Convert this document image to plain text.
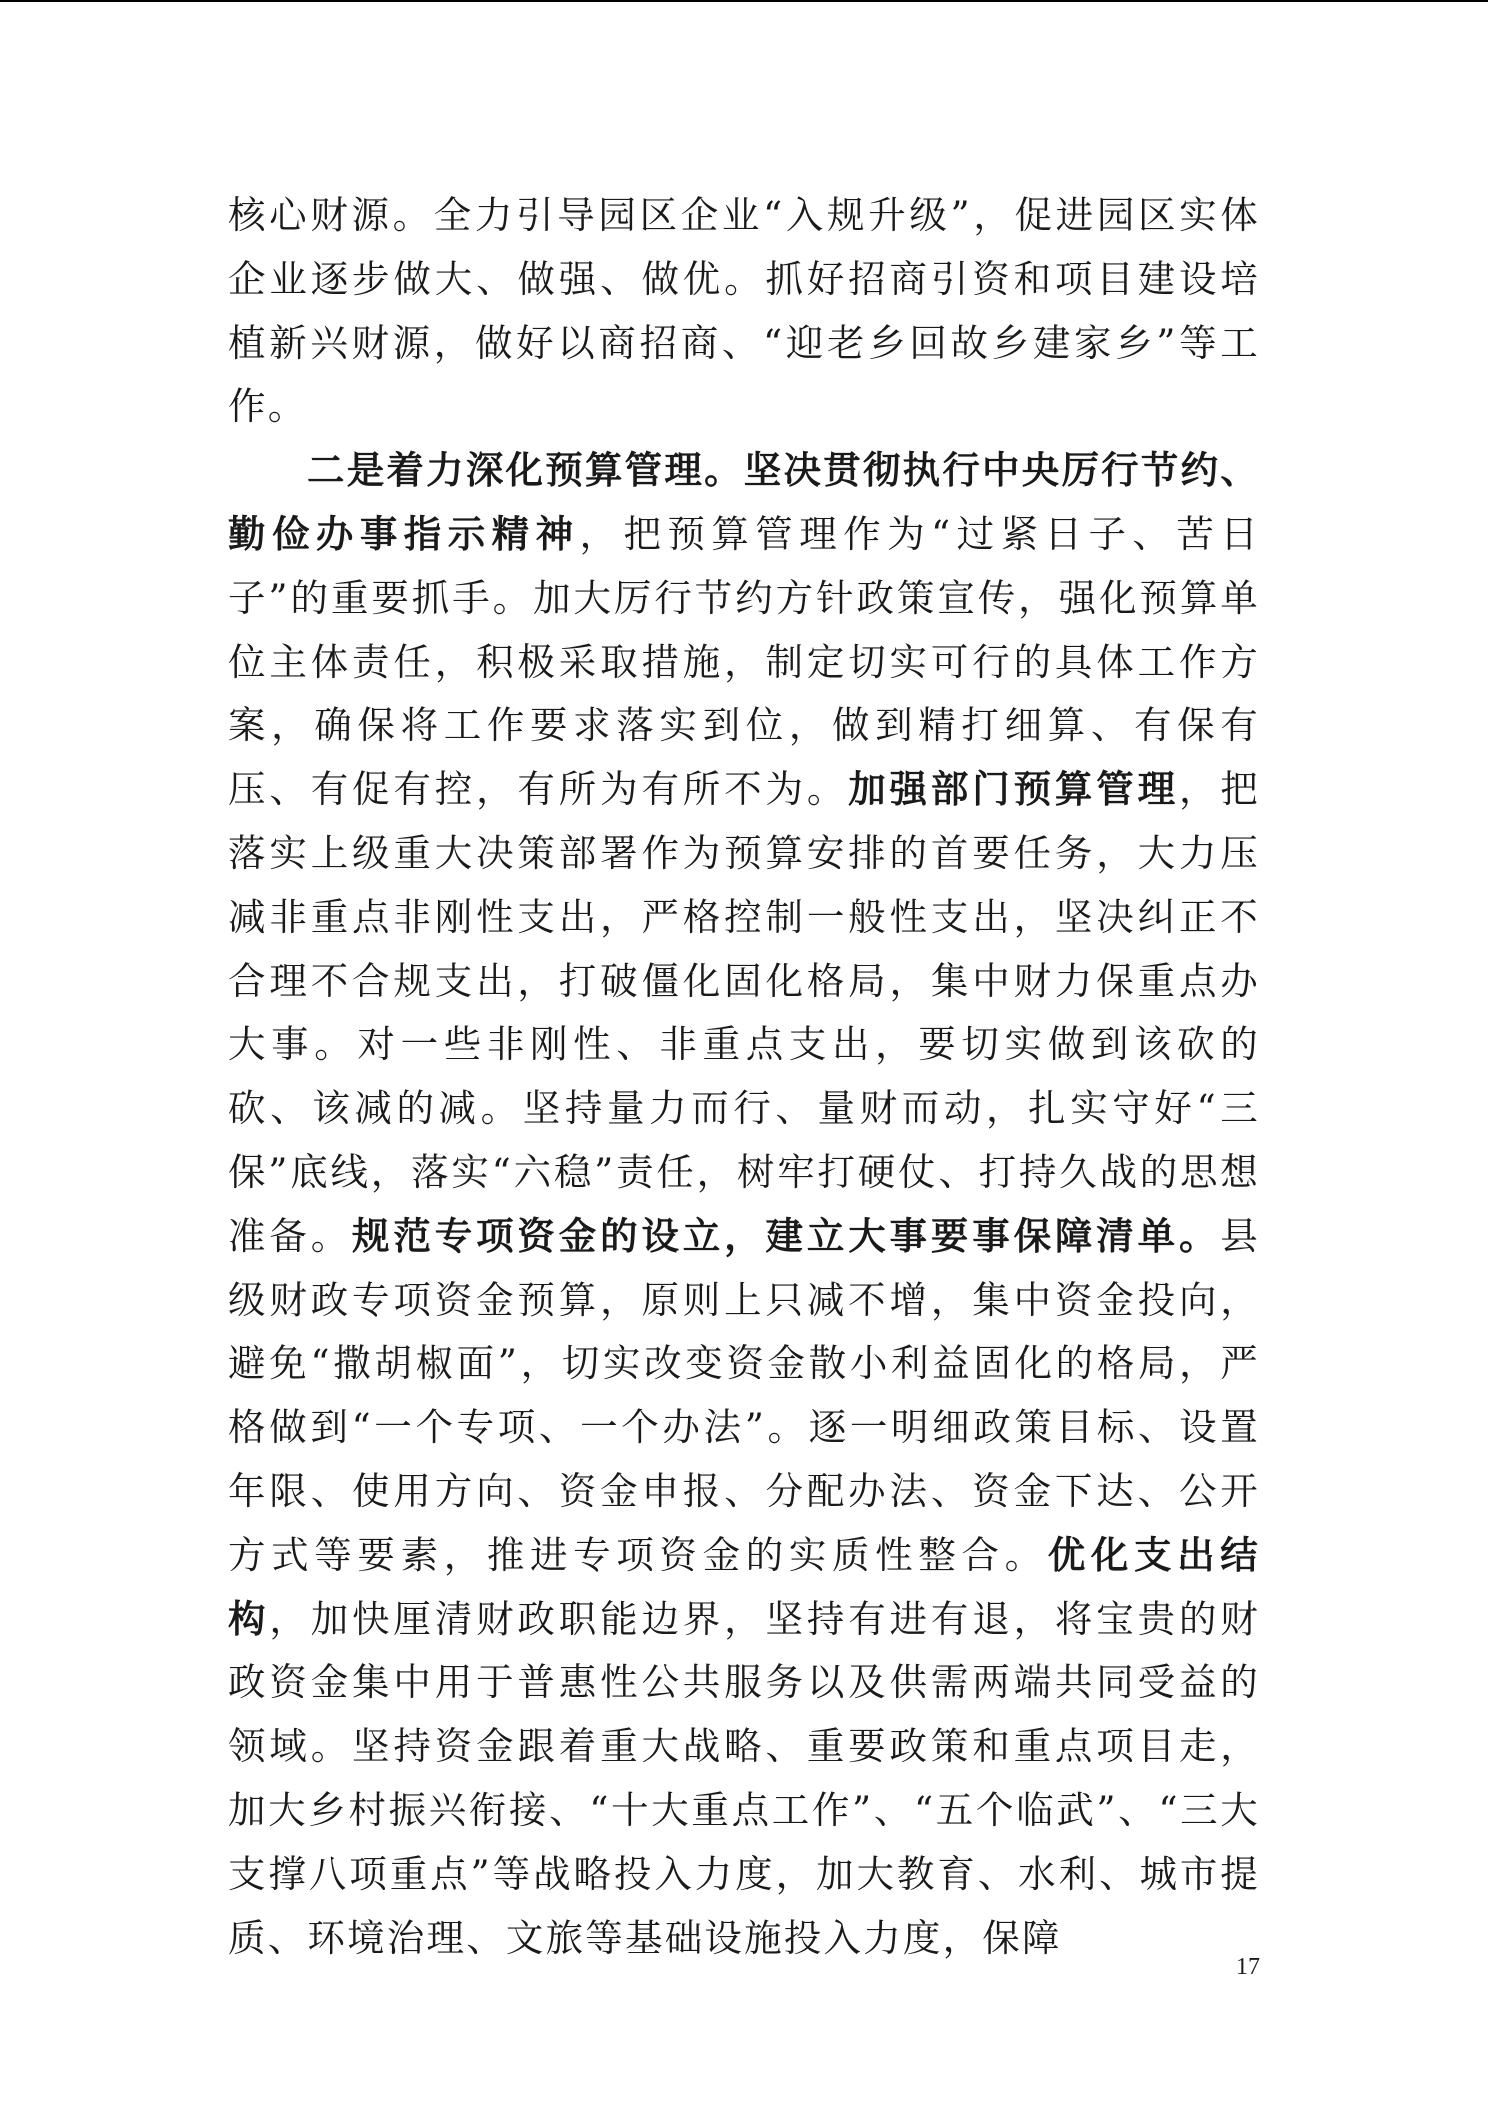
核心财源。全力引导园区企业“入规升级”，促进园区实体企业逐步做大、做强、做优。抓好招商引资和项目建设培植新兴财源，做好以商招商、“迎老乡回故乡建家乡”等工作。

二是着力深化预算管理。坚决贯彻执行中央厉行节约、勤俭办事指示精神，把预算管理作为“过紧日子、苦日子”的重要抓手。加大厉行节约方针政策宣传，强化预算单位主体责任，积极采取措施，制定切实可行的具体工作方案，确保将工作要求落实到位，做到精打细算、有保有压、有促有控，有所为有所不为。加强部门预算管理，把落实上级重大决策部署作为预算安排的首要任务，大力压减非重点非刚性支出，严格控制一般性支出，坚决纠正不合理不合规支出，打破僵化固化格局，集中财力保重点办大事。对一些非刚性、非重点支出，要切实做到该砍的砍、该减的减。坚持量力而行、量财而动，扎实守好“三保”底线，落实“六稳”责任，树牢打硬仗、打持久战的思想准备。规范专项资金的设立，建立大事要事保障清单。县级财政专项资金预算，原则上只减不增，集中资金投向，避免“撒胡椒面”，切实改变资金散小利益固化的格局，严格做到“一个专项、一个办法”。逐一明细政策目标、设置年限、使用方向、资金申报、分配办法、资金下达、公开方式等要素，推进专项资金的实质性整合。优化支出结构，加快厘清财政职能边界，坚持有进有退，将宝贵的财政资金集中用于普惠性公共服务以及供需两端共同受益的领域。坚持资金跟着重大战略、重要政策和重点项目走，加大乡村振兴衔接、“十大重点工作”、“五个临武”、“三大支撑八项重点”等战略投入力度，加大教育、水利、城市提质、环境治理、文旅等基础设施投入力度，保障

17
